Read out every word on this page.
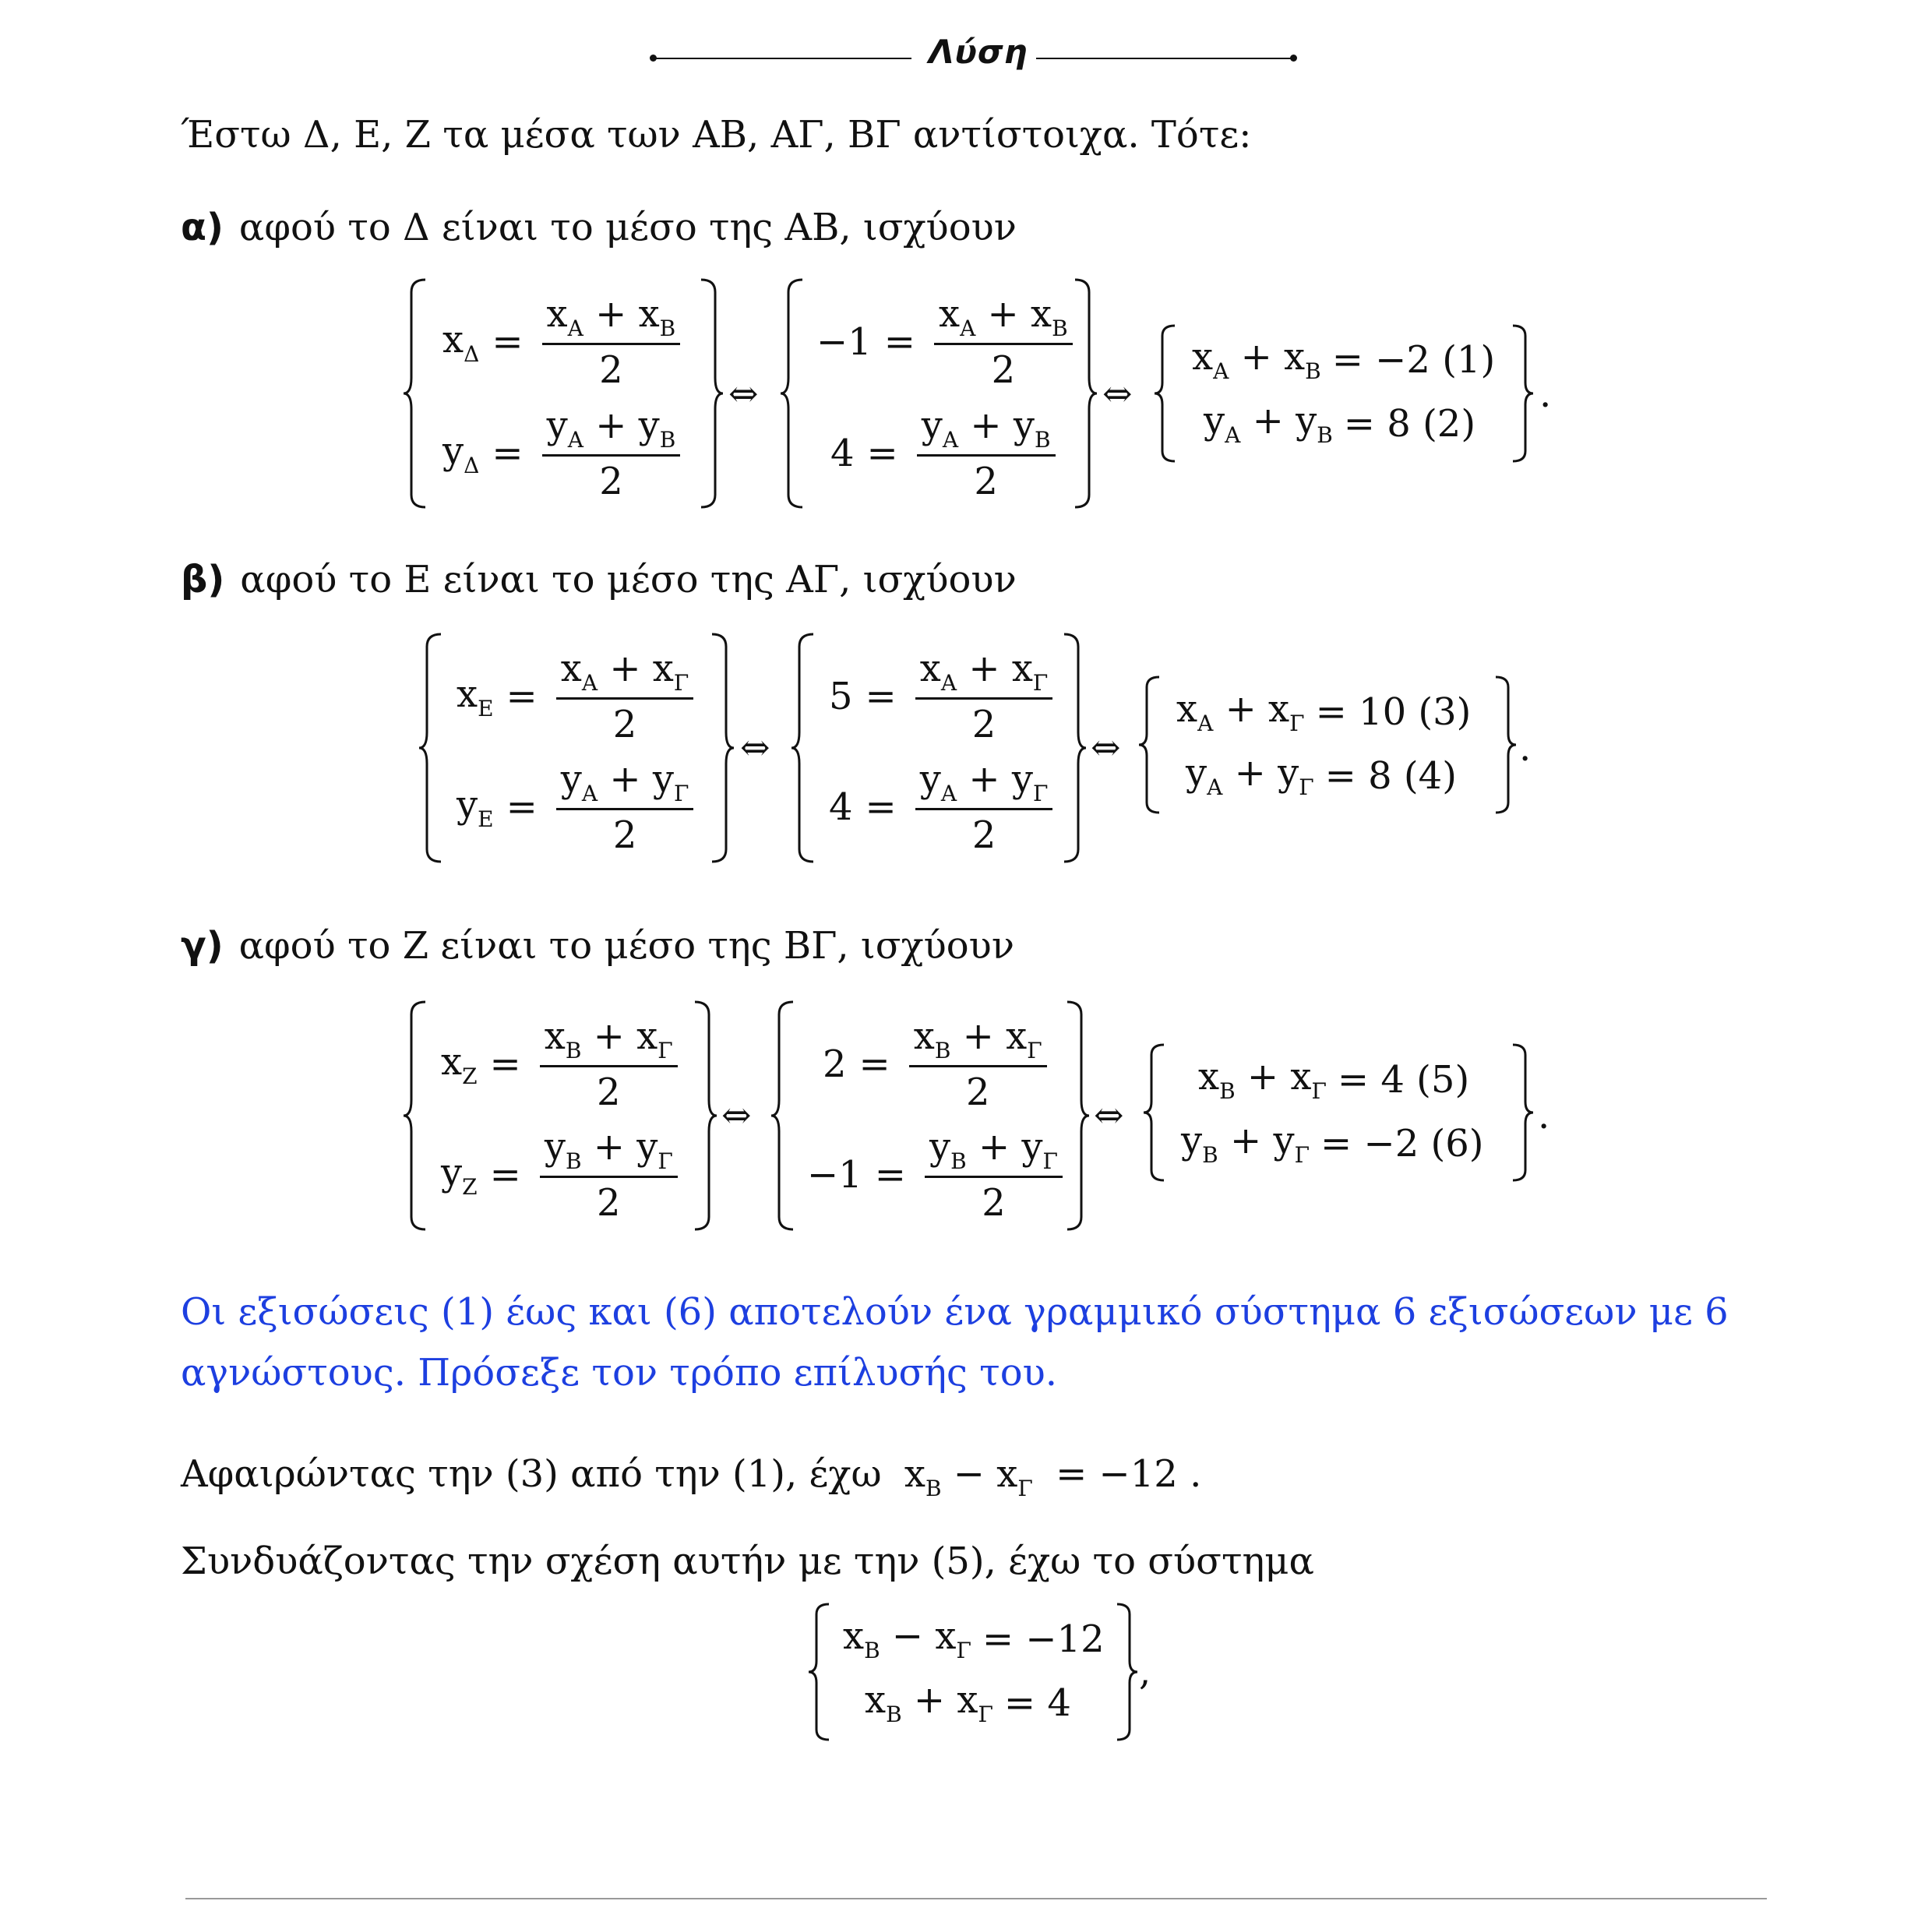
Λύση
Έστω Δ, Ε, Ζ τα μέσα των ΑΒ, ΑΓ, ΒΓ αντίστοιχα. Τότε:
α) αφού το Δ είναι το μέσο της ΑΒ, ισχύουν
$x_\Delta = \frac{x_A + x_B}{2}$
$y_\Delta = \frac{y_A + y_B}{2}$
⇔
$-1 = \frac{x_A + x_B}{2}$
$4 = \frac{y_A + y_B}{2}$
⇔
$x_A + x_B = -2$ (1)
$y_A + y_B = 8$ (2)
.
β) αφού το Ε είναι το μέσο της ΑΓ, ισχύουν
$x_E = \frac{x_A + x_\Gamma}{2}$
$y_E = \frac{y_A + y_\Gamma}{2}$
⇔
$5 = \frac{x_A + x_\Gamma}{2}$
$4 = \frac{y_A + y_\Gamma}{2}$
⇔
$x_A + x_\Gamma = 10$ (3)
$y_A + y_\Gamma = 8$ (4)
.
γ) αφού το Ζ είναι το μέσο της ΒΓ, ισχύουν
$x_Z = \frac{x_B + x_\Gamma}{2}$
$y_Z = \frac{y_B + y_\Gamma}{2}$
⇔
$2 = \frac{x_B + x_\Gamma}{2}$
$-1 = \frac{y_B + y_\Gamma}{2}$
⇔
$x_B + x_\Gamma = 4$ (5)
$y_B + y_\Gamma = -2$ (6)
.
Οι εξισώσεις (1) έως και (6) αποτελούν ένα γραμμικό σύστημα 6 εξισώσεων με 6
αγνώστους. Πρόσεξε τον τρόπο επίλυσής του.
Αφαιρώντας την (3) από την (1), έχω $x_B - x_\Gamma = -12$ .
Συνδυάζοντας την σχέση αυτήν με την (5), έχω το σύστημα
$x_B - x_\Gamma = -12$
$x_B + x_\Gamma = 4$
,
